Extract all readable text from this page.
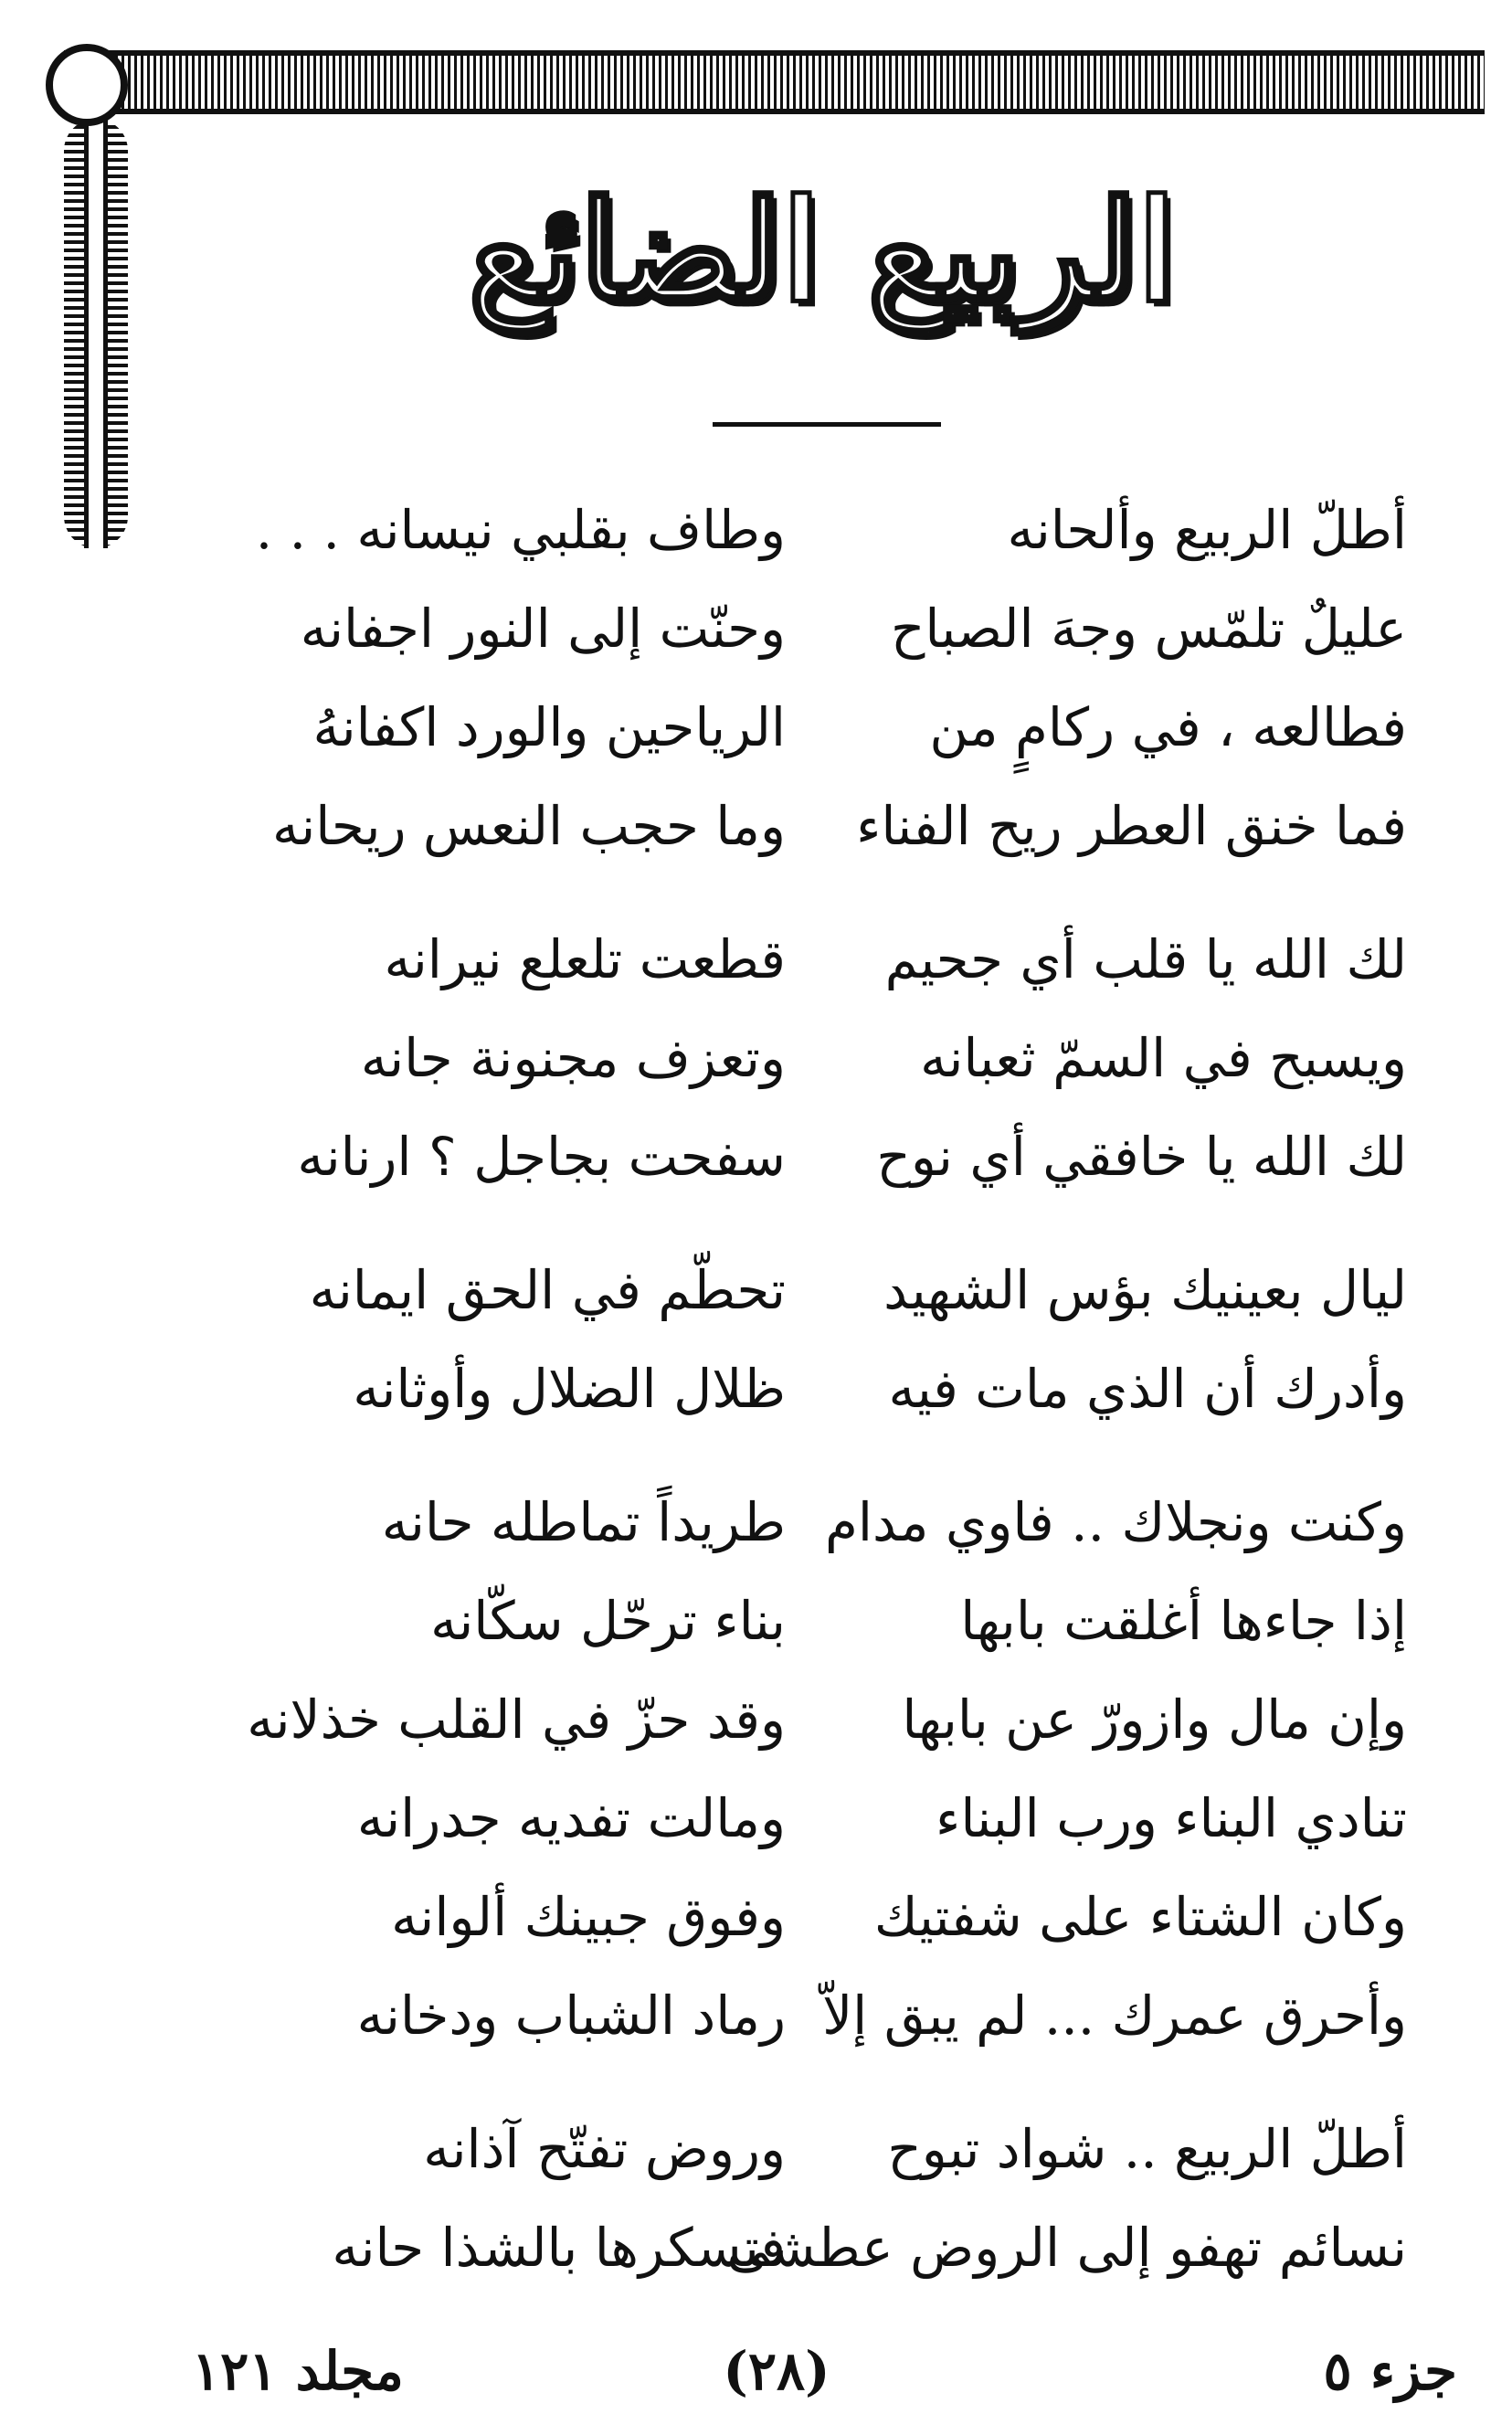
الربيع الضائع
أطلّ الربيع وألحانه
وطاف بقلبي نيسانه . . .
عليلٌ تلمّس وجهَ الصباح
وحنّت إلى النور اجفانه
فطالعه ، في ركامٍ من
الرياحين والورد اكفانهُ
فما خنق العطر ريح الفناء
وما حجب النعس ريحانه
لك الله يا قلب أي جحيم
قطعت تلعلع نيرانه
ويسبح في السمّ ثعبانه
وتعزف مجنونة جانه
لك الله يا خافقي أي نوح
سفحت بجاجل ؟ ارنانه
ليال بعينيك بؤس الشهيد
تحطّم في الحق ايمانه
وأدرك أن الذي مات فيه
ظلال الضلال وأوثانه
وكنت ونجلاك .. فاوي مدام
طريداً تماطله حانه
إذا جاءها أغلقت بابها
بناء ترحّل سكّانه
وإن مال وازورّ عن بابها
وقد حزّ في القلب خذلانه
تنادي البناء ورب البناء
ومالت تفديه جدرانه
وكان الشتاء على شفتيك
وفوق جبينك ألوانه
وأحرق عمرك ... لم يبق إلاّ
رماد الشباب ودخانه
أطلّ الربيع .. شواد تبوح
وروض تفتّح آذانه
نسائم تهفو إلى الروض عطشى
فتسكرها بالشذا حانه
مجلد ١٢١	(٢٨)	جزء ٥
